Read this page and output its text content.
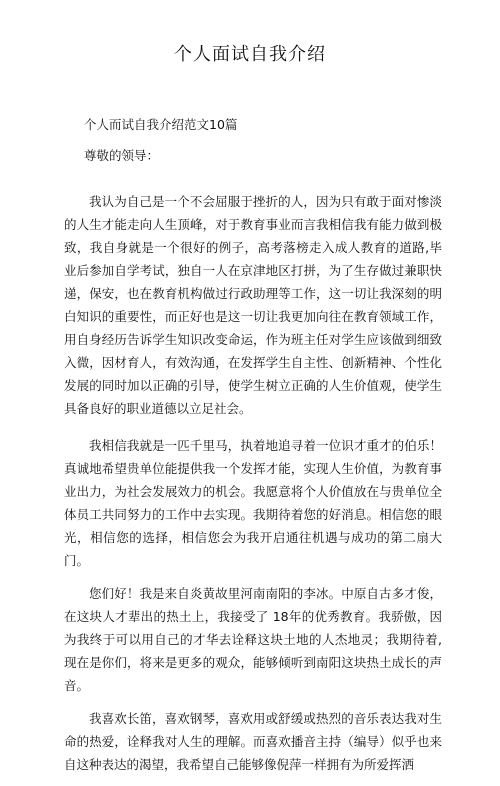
个人面试自我介绍
个人而试自我介绍范文10篇
尊敬的领导：

我认为自己是一个不会屈服于挫折的人，因为只有敢于面对惨淡的人生才能走向人生顶峰，对于教育事业而言我相信我有能力做到极致，我自身就是一个很好的例子，高考落榜走入成人教育的道路,毕业后参加自学考试，独自一人在京津地区打拼，为了生存做过兼职快递，保安，也在教育机构做过行政助理等工作，这一切让我深刻的明白知识的重要性，而正好也是这一切让我更加向往在教育领域工作，用自身经历告诉学生知识改变命运，作为班主任对学生应该做到细致入微，因材育人，有效沟通，在发挥学生自主性、创新精神、个性化发展的同时加以正确的引导，使学生树立正确的人生价值观，使学生具备良好的职业道德以立足社会。

我相信我就是一匹千里马，执着地追寻着一位识才重才的伯乐！真诚地希望贵单位能提供我一个发挥才能，实现人生价值，为教育事业出力，为社会发展效力的机会。我愿意将个人价值放在与贵单位全体员工共同努力的工作中去实现。我期待着您的好消息。相信您的眼光，相信您的选择，相信您会为我开启通往机遇与成功的第二扇大门。

您们好！我是来自炎黄故里河南南阳的李冰。中原自古多才俊，在这块人才辈出的热土上，我接受了 18年的优秀教育。我骄傲，因为我终于可以用自己的才华去诠释这块土地的人杰地灵；我期待着,现在是你们，将来是更多的观众，能够倾听到南阳这块热土成长的声音。

我喜欢长笛，喜欢钢琴，喜欢用或舒缓或热烈的音乐表达我对生命的热爱，诠释我对人生的理解。而喜欢播音主持（编导）似乎也来自这种表达的渴望，我希望自己能够像倪萍一样拥有为所爱挥洒
